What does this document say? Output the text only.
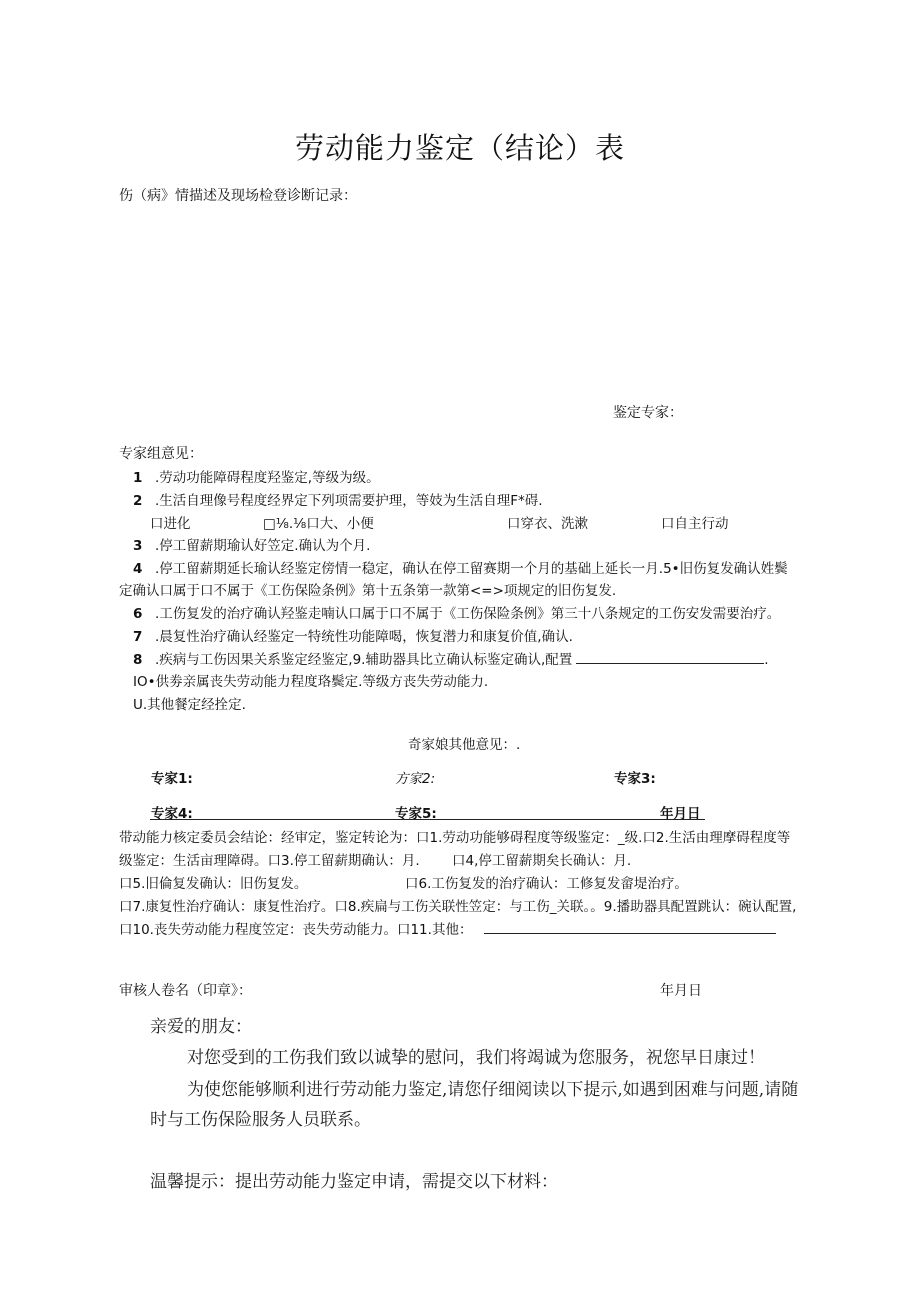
劳动能力鉴定（结论）表
伤（病》情描述及现场检登诊断记录：
鉴定专家：
专家组意见：
1 .劳动功能障碍程度羟鉴定,等级为级。
2 .生活自理像号程度经界定下列项需要护理，等妓为生活自理F*碍.
口进化	□⅛.⅛口大、小便	口穿衣、洗漱	口自主行动
3 .停工留薪期瑜认好笠定.确认为个月.
4 .停工留薪期延长瑜认经鉴定傍情一稳定，确认在停工留赛期一个月的基础上延长一月.5•旧伤复发确认姓鬓
定确认口属于口不属于《工伤保险条例》第十五条第一款第<=>项规定的旧伤复发.
6 .工伤复发的治疗确认羟鉴走喃认口属于口不属于《工伤保险条例》第三十八条规定的工伤安发需要治疗。
7 .晨复性治疗确认经鉴定一特统性功能障喝，恢复潜力和康复价值,确认.
8 .疾病与工伤因果关系鉴定经鉴定,9.辅助器具比立确认标鉴定确认,配置	.
IO•供劵亲属丧失劳动能力程度珞鬓定.等级方丧失劳动能力.
U.其他餐定经拴定.
奇家娘其他意见：.
专家1:	方家2:	专家3:
专家4:	专家5:	年月日
带动能力核定委员会结论：经审定，鉴定转论为：口1.劳动功能够碍程度等级鉴定：_级.口2.生活由理摩碍程度等
级鉴定：生活亩理障碍。口3.停工留薪期确认：月. 口4,停工留薪期矣长确认：月.
口5.旧倫复发确认：旧伤复发。	口6.工伤复发的治疗确认：工修复发畲堤治疗。
口7.康复性治疗确认：康复性治疗。口8.疾扁与工伤关联性笠定：与工伤_关联。。9.播助器具配置跳认：碗认配置,
口10.丧失劳动能力程度笠定：丧失劳动能力。口11.其他：
审核人卷名（印章》：	年月日
亲爱的朋友：
对您受到的工伤我们致以诚挚的慰问，我们将竭诚为您服务，祝您早日康过！
为使您能够顺利进行劳动能力鉴定,请您仔细阅读以下提示,如遇到困难与问题,请随
时与工伤保险服务人员联系。
温馨提示：提出劳动能力鉴定申请，需提交以下材料：
